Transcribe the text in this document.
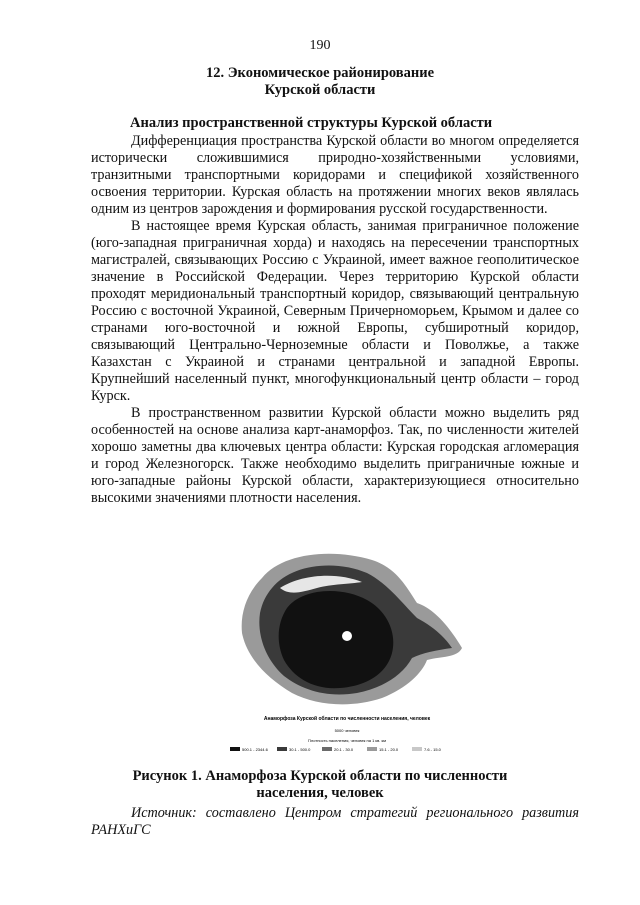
190
12. Экономическое районирование
Курской области
Анализ пространственной структуры Курской области

Дифференциация пространства Курской области во многом определяется исторически сложившимися природно-хозяйственными условиями, транзитными транспортными коридорами и спецификой хозяйственного освоения территории. Курская область на протяжении многих веков являлась одним из центров зарождения и формирования русской государственности.

В настоящее время Курская область, занимая приграничное положение (юго-западная приграничная хорда) и находясь на пересечении транспортных магистралей, связывающих Россию с Украиной, имеет важное геополитическое значение в Российской Федерации. Через территорию Курской области проходят меридиональный транспортный коридор, связывающий центральную Россию с восточной Украиной, Северным Причерноморьем, Крымом и далее со странами юго-восточной и южной Европы, субширотный коридор, связывающий Центрально-Черноземные области и Поволжье, а также Казахстан с Украиной и странами центральной и западной Европы. Крупнейший населенный пункт, многофункциональный центр области – город Курск.

В пространственном развитии Курской области можно выделить ряд особенностей на основе анализа карт-анаморфоз. Так, по численности жителей хорошо заметны два ключевых центра области: Курская городская агломерация и город Железногорск. Также необходимо выделить приграничные южные и юго-западные районы Курской области, характеризующиеся относительно высокими значениями плотности населения.

Анаморфоза Курской области по численности населения, человек
5000 человек
Плотность населения, человек на 1 кв. км
500.1 - 2344.6	30.1 - 500.0	20.1 - 30.0	15.1 - 20.0	7.6 - 15.0
Рисунок 1. Анаморфоза Курской области по численности
населения, человек
Источник: составлено Центром стратегий регионального развития РАНХиГС
